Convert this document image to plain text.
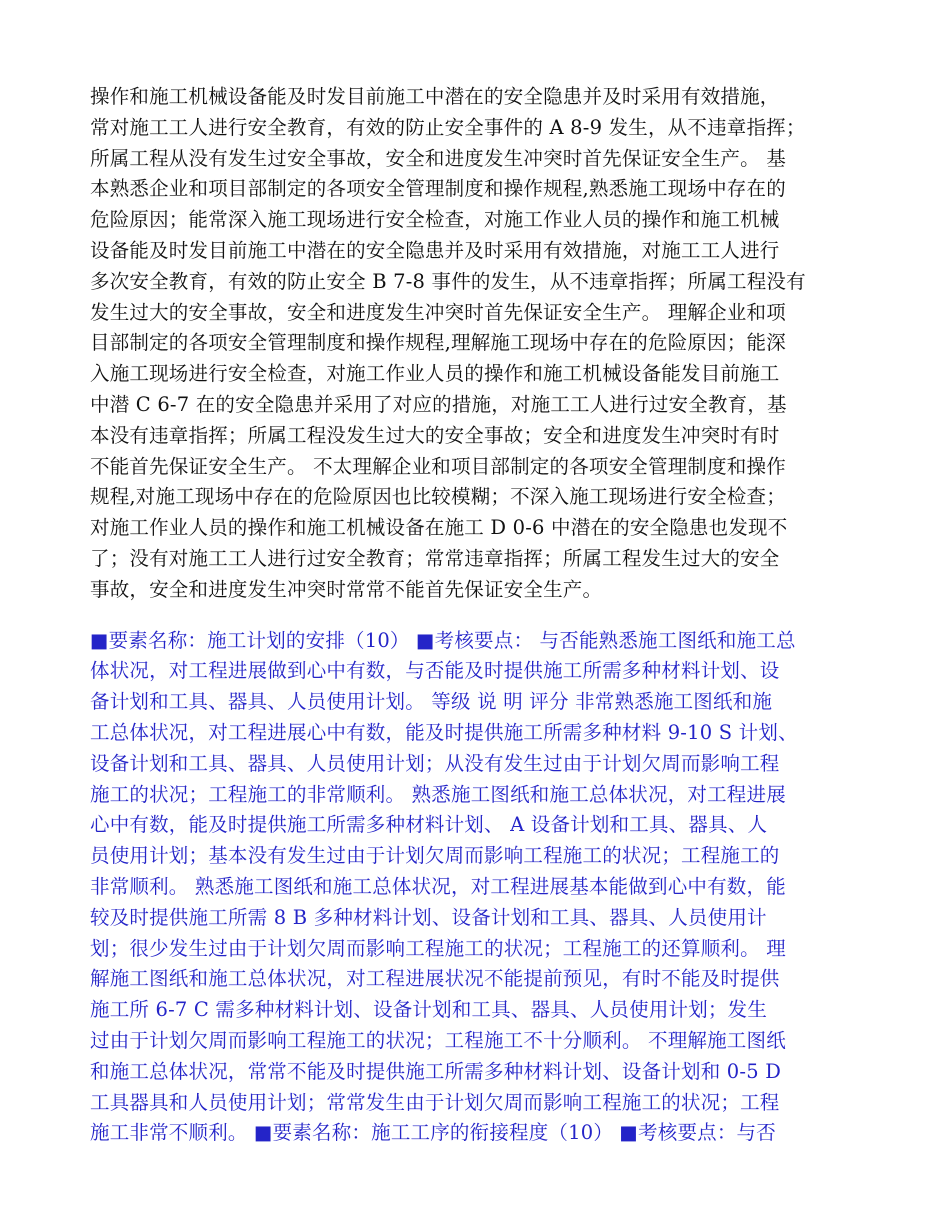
操作和施工机械设备能及时发目前施工中潜在的安全隐患并及时采用有效措施，
常对施工工人进行安全教育，有效的防止安全事件的 A 8-9 发生，从不违章指挥；
所属工程从没有发生过安全事故，安全和进度发生冲突时首先保证安全生产。 基
本熟悉企业和项目部制定的各项安全管理制度和操作规程,熟悉施工现场中存在的
危险原因；能常深入施工现场进行安全检查，对施工作业人员的操作和施工机械
设备能及时发目前施工中潜在的安全隐患并及时采用有效措施，对施工工人进行
多次安全教育，有效的防止安全 B 7-8 事件的发生，从不违章指挥；所属工程没有
发生过大的安全事故，安全和进度发生冲突时首先保证安全生产。 理解企业和项
目部制定的各项安全管理制度和操作规程,理解施工现场中存在的危险原因；能深
入施工现场进行安全检查，对施工作业人员的操作和施工机械设备能发目前施工
中潜 C 6-7 在的安全隐患并采用了对应的措施，对施工工人进行过安全教育，基
本没有违章指挥；所属工程没发生过大的安全事故；安全和进度发生冲突时有时
不能首先保证安全生产。 不太理解企业和项目部制定的各项安全管理制度和操作
规程,对施工现场中存在的危险原因也比较模糊；不深入施工现场进行安全检查；
对施工作业人员的操作和施工机械设备在施工 D 0-6 中潜在的安全隐患也发现不
了；没有对施工工人进行过安全教育；常常违章指挥；所属工程发生过大的安全
事故，安全和进度发生冲突时常常不能首先保证安全生产。
■要素名称：施工计划的安排（10） ■考核要点： 与否能熟悉施工图纸和施工总
体状况，对工程进展做到心中有数，与否能及时提供施工所需多种材料计划、设
备计划和工具、器具、人员使用计划。 等级 说 明 评分 非常熟悉施工图纸和施
工总体状况，对工程进展心中有数，能及时提供施工所需多种材料 9-10 S 计划、
设备计划和工具、器具、人员使用计划；从没有发生过由于计划欠周而影响工程
施工的状况；工程施工的非常顺利。 熟悉施工图纸和施工总体状况，对工程进展
心中有数，能及时提供施工所需多种材料计划、 A 设备计划和工具、器具、人
员使用计划；基本没有发生过由于计划欠周而影响工程施工的状况；工程施工的
非常顺利。 熟悉施工图纸和施工总体状况，对工程进展基本能做到心中有数，能
较及时提供施工所需 8 B 多种材料计划、设备计划和工具、器具、人员使用计
划；很少发生过由于计划欠周而影响工程施工的状况；工程施工的还算顺利。 理
解施工图纸和施工总体状况，对工程进展状况不能提前预见，有时不能及时提供
施工所 6-7 C 需多种材料计划、设备计划和工具、器具、人员使用计划；发生
过由于计划欠周而影响工程施工的状况；工程施工不十分顺利。 不理解施工图纸
和施工总体状况，常常不能及时提供施工所需多种材料计划、设备计划和 0-5 D
工具器具和人员使用计划；常常发生由于计划欠周而影响工程施工的状况；工程
施工非常不顺利。 ■要素名称：施工工序的衔接程度（10） ■考核要点：与否
